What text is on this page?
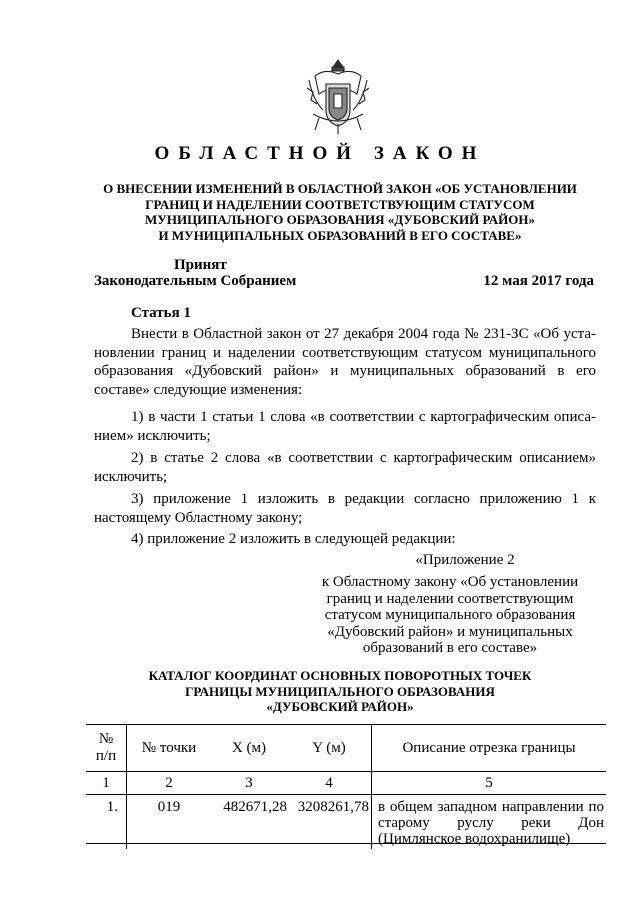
ОБЛАСТНОЙ ЗАКОН
О ВНЕСЕНИИ ИЗМЕНЕНИЙ В ОБЛАСТНОЙ ЗАКОН «ОБ УСТАНОВЛЕНИИ
ГРАНИЦ И НАДЕЛЕНИИ СООТВЕТСТВУЮЩИМ СТАТУСОМ
МУНИЦИПАЛЬНОГО ОБРАЗОВАНИЯ «ДУБОВСКИЙ РАЙОН»
И МУНИЦИПАЛЬНЫХ ОБРАЗОВАНИЙ В ЕГО СОСТАВЕ»
Принят
Законодательным Собранием	12 мая 2017 года
Статья 1
Внести в Областной закон от 27 декабря 2004 года № 231-ЗС «Об уста-
новлении границ и наделении соответствующим статусом муниципального
образования «Дубовский район» и муниципальных образований в его
составе» следующие изменения:
1) в части 1 статьи 1 слова «в соответствии с картографическим описа-
нием» исключить;
2) в статье 2 слова «в соответствии с картографическим описанием»
исключить;
3) приложение 1 изложить в редакции согласно приложению 1 к
настоящему Областному закону;
4) приложение 2 изложить в следующей редакции:
«Приложение 2
к Областному закону «Об установлении
границ и наделении соответствующим
статусом муниципального образования
«Дубовский район» и муниципальных
образований в его составе»
КАТАЛОГ КООРДИНАТ ОСНОВНЫХ ПОВОРОТНЫХ ТОЧЕК
ГРАНИЦЫ МУНИЦИПАЛЬНОГО ОБРАЗОВАНИЯ
«ДУБОВСКИЙ РАЙОН»
№
п/п	№ точки	X (м)	Y (м)	Описание отрезка границы
1	2	3	4	5
1.	019	482671,28	3208261,78	в общем западном направлении по старому руслу реки Дон (Цимлянское водохранилище)
